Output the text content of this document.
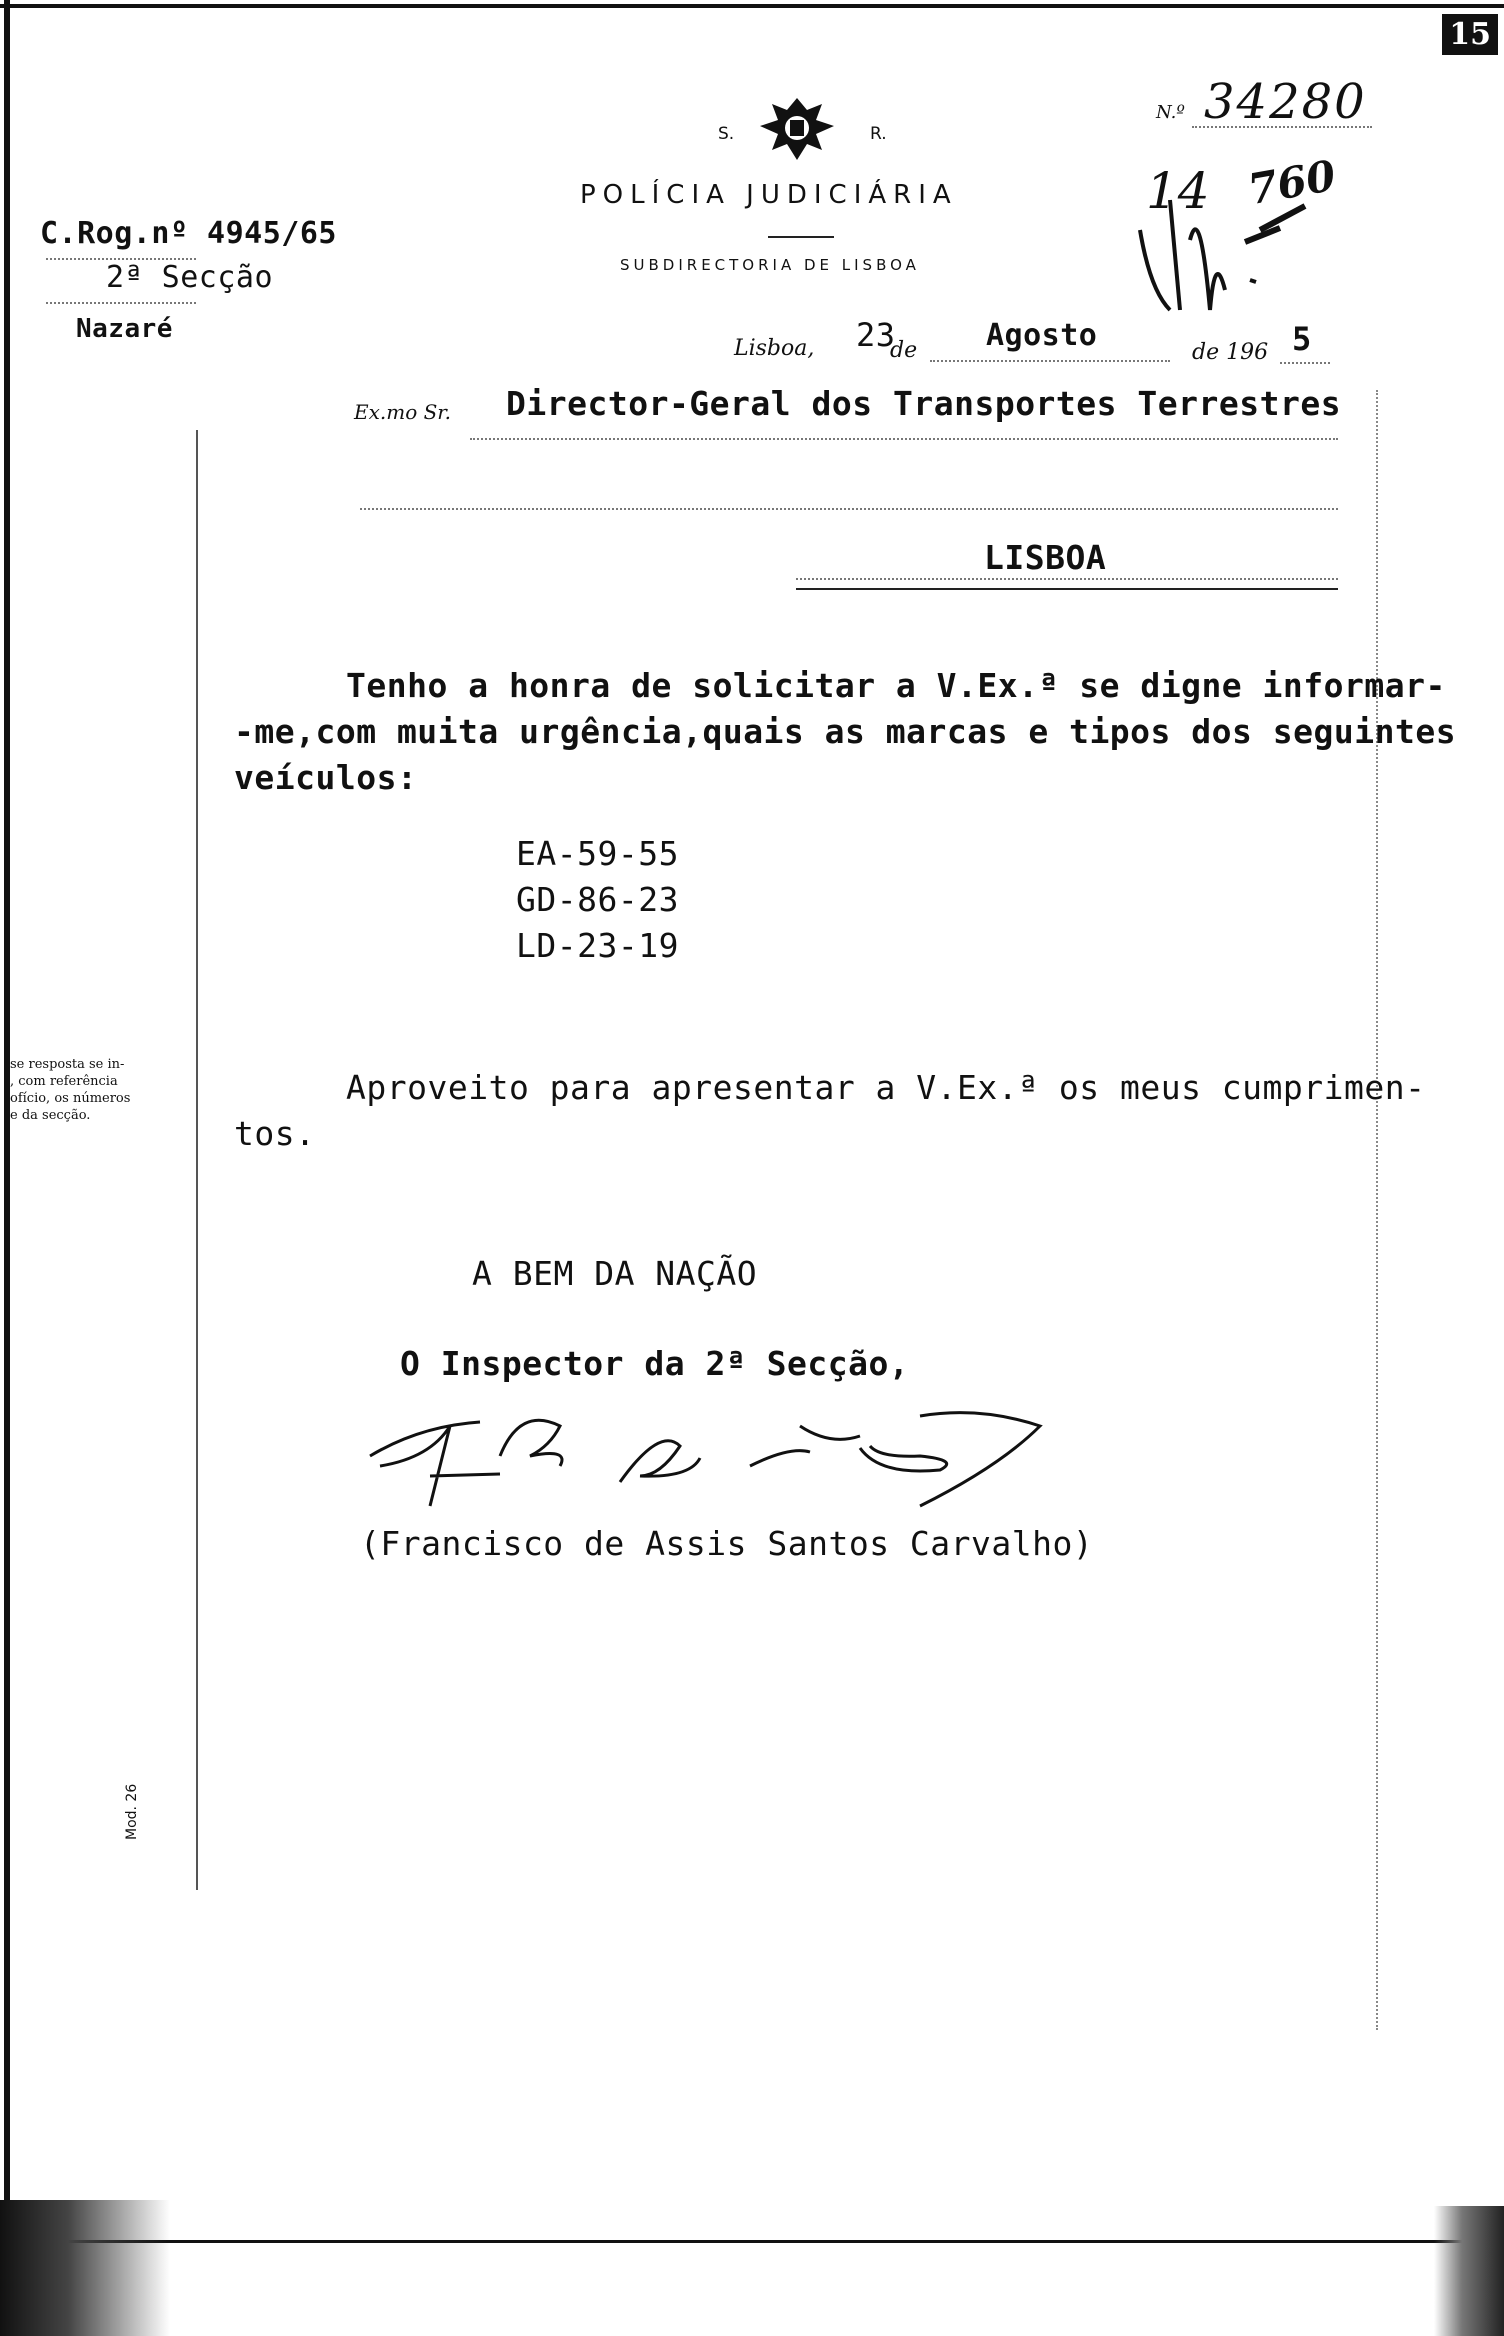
15
S.	R.
POLÍCIA JUDICIÁRIA
SUBDIRECTORIA DE LISBOA
N.º 34280
760
14
C.Rog.nº 4945/65
2ª Secção
Nazaré
Lisboa, 23
de Agosto	de 196 5
Ex.mo Sr. Director-Geral dos Transportes Terrestres
LISBOA
Tenho a honra de solicitar a V.Ex.ª se digne informar-
-me,com muita urgência,quais as marcas e tipos dos seguintes
veículos:
EA-59-55
GD-86-23
LD-23-19
se resposta se in-
, com referência
ofício, os números
e da secção.
Aproveito para apresentar a V.Ex.ª os meus cumprimen-
tos.
A BEM DA NAÇÃO
O Inspector da 2ª Secção,
(Francisco de Assis Santos Carvalho)
Mod. 26
